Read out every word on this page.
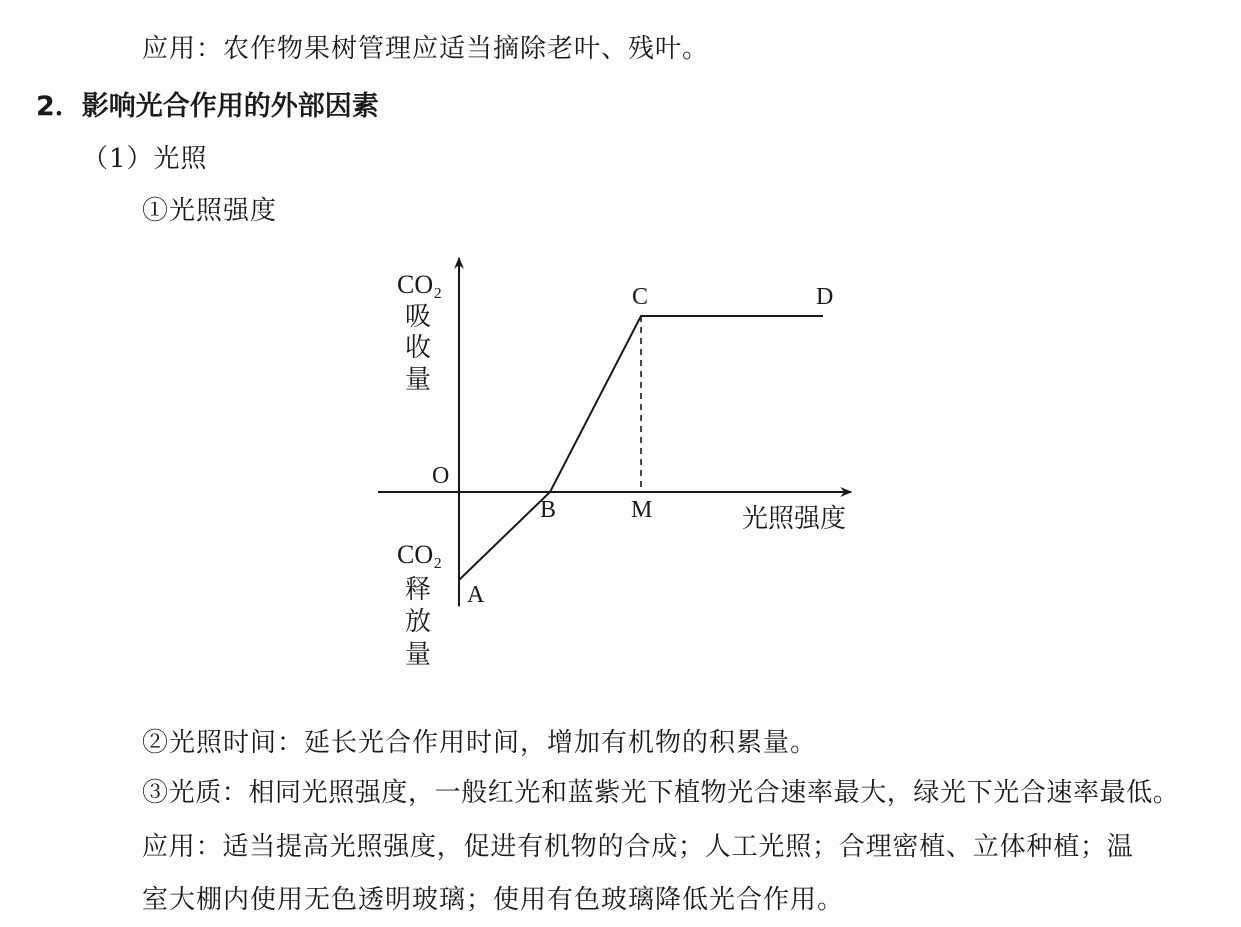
应用：农作物果树管理应适当摘除老叶、残叶。
2．影响光合作用的外部因素
（1）光照
①光照强度
CO₂
吸
收
量
CO₂
释
放
量
O
光照强度
A
C	D
B	M
②光照时间：延长光合作用时间，增加有机物的积累量。
③光质：相同光照强度，一般红光和蓝紫光下植物光合速率最大，绿光下光合速率最低。
应用：适当提高光照强度，促进有机物的合成；人工光照；合理密植、立体种植；温
室大棚内使用无色透明玻璃；使用有色玻璃降低光合作用。
